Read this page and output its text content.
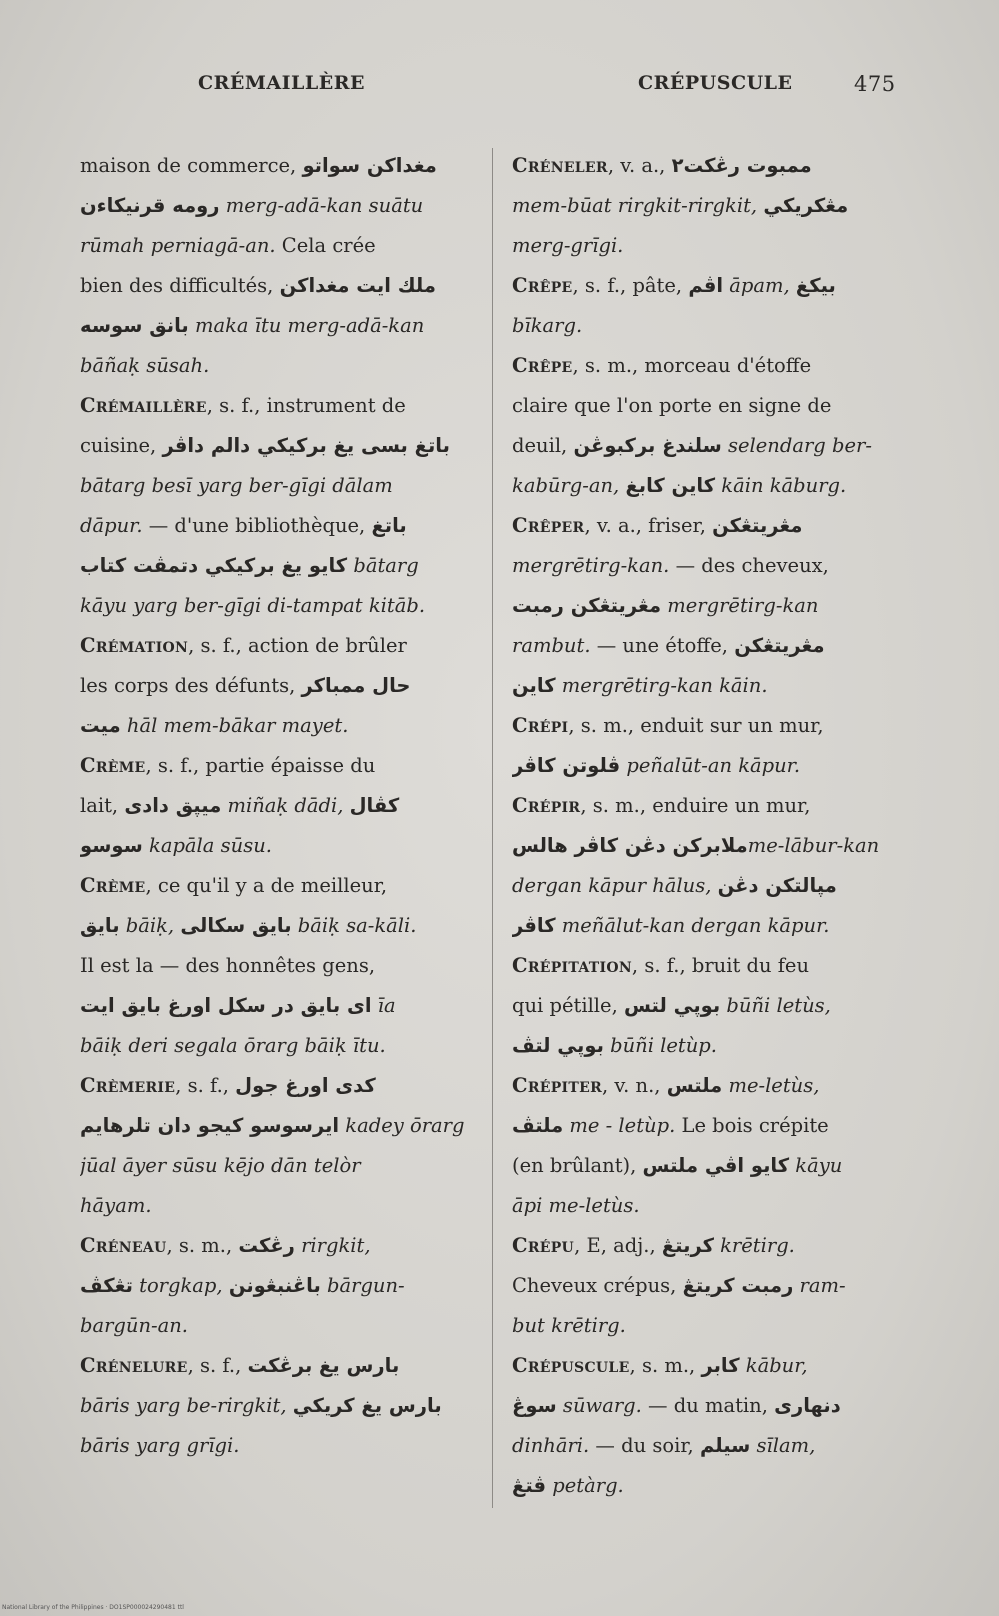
CRÉMAILLÈRE	CRÉPUSCULE	475
maison de commerce, مغداكن سواتو
رومه قرنيكاءن merg-adā-kan suātu
rūmah perniagā-an. Cela crée
bien des difficultés, ملك ايت مغداكن
بانق سوسه maka ītu merg-adā-kan
bāñaḳ sūsah.
Crémaillère, s. f., instrument de
cuisine, باتغ بسى يغ بركيكي دالم داڤر
bātarg besī yarg ber-gīgi dālam
dāpur. — d'une bibliothèque, باتغ
كايو يغ بركيكي دتمڤت كتاب bātarg
kāyu yarg ber-gīgi di-tampat kitāb.
Crémation, s. f., action de brûler
les corps des défunts, حال ممباكر
ميت hāl mem-bākar mayet.
Crème, s. f., partie épaisse du
lait, ميڽق دادى miñaḳ dādi, كڤال
سوسو kapāla sūsu.
Crème, ce qu'il y a de meilleur,
بايق bāiḳ, بايق سكالى bāiḳ sa-kāli.
Il est la — des honnêtes gens,
اى بايق در سكل اورغ بايق ايت īa
bāiḳ deri segala ōrarg bāiḳ ītu.
Crèmerie, s. f., كدى اورغ جول
ايرسوسو كيجو دان تلرهايم kadey ōrarg
jūal āyer sūsu kējo dān telòr
hāyam.
Créneau, s. m., رڠكت rirgkit,
تڠكڤ torgkap, باڠنبڠونن bārgun-
bargūn-an.
Crénelure, s. f., بارس يغ برڠكت
bāris yarg be-rirgkit, بارس يغ كريكي
bāris yarg grīgi.
Créneler, v. a., ممبوت رڠكت٢
mem-būat rirgkit-rirgkit, مڠكريكي
merg-grīgi.
Crêpe, s. f., pâte, اڤم āpam, بيكغ
bīkarg.
Crêpe, s. m., morceau d'étoffe
claire que l'on porte en signe de
deuil, سلندغ بركبوڠن selendarg ber-
kabūrg-an, كاين كابغ kāin kāburg.
Crêper, v. a., friser, مڠريتڠكن
mergrētirg-kan. — des cheveux,
مڠريتڠكن رمبت mergrētirg-kan
rambut. — une étoffe, مڠريتڠكن
كاين mergrētirg-kan kāin.
Crépi, s. m., enduit sur un mur,
ڤلوتن كاڤر peñalūt-an kāpur.
Crépir, s. m., enduire un mur,
ملابركن دڠن كاڤر هالسme-lābur-kan
dergan kāpur hālus, مڽالتكن دڠن
كاڤر meñālut-kan dergan kāpur.
Crépitation, s. f., bruit du feu
qui pétille, بوڽي لتس būñi letùs,
بوڽي لتڤ būñi letùp.
Crépiter, v. n., ملتس me-letùs,
ملتڤ me - letùp. Le bois crépite
(en brûlant), كايو اڤي ملتس kāyu
āpi me-letùs.
Crépu, E, adj., كريتڠ krētirg.
Cheveux crépus, رمبت كريتڠ ram-
but krētirg.
Crépuscule, s. m., كابر kābur,
سوڠ sūwarg. — du matin, دنهارى
dinhāri. — du soir, سيلم sīlam,
ڤتڠ petàrg.
National Library of the Philippines · DO1SP000024290481 ttl
